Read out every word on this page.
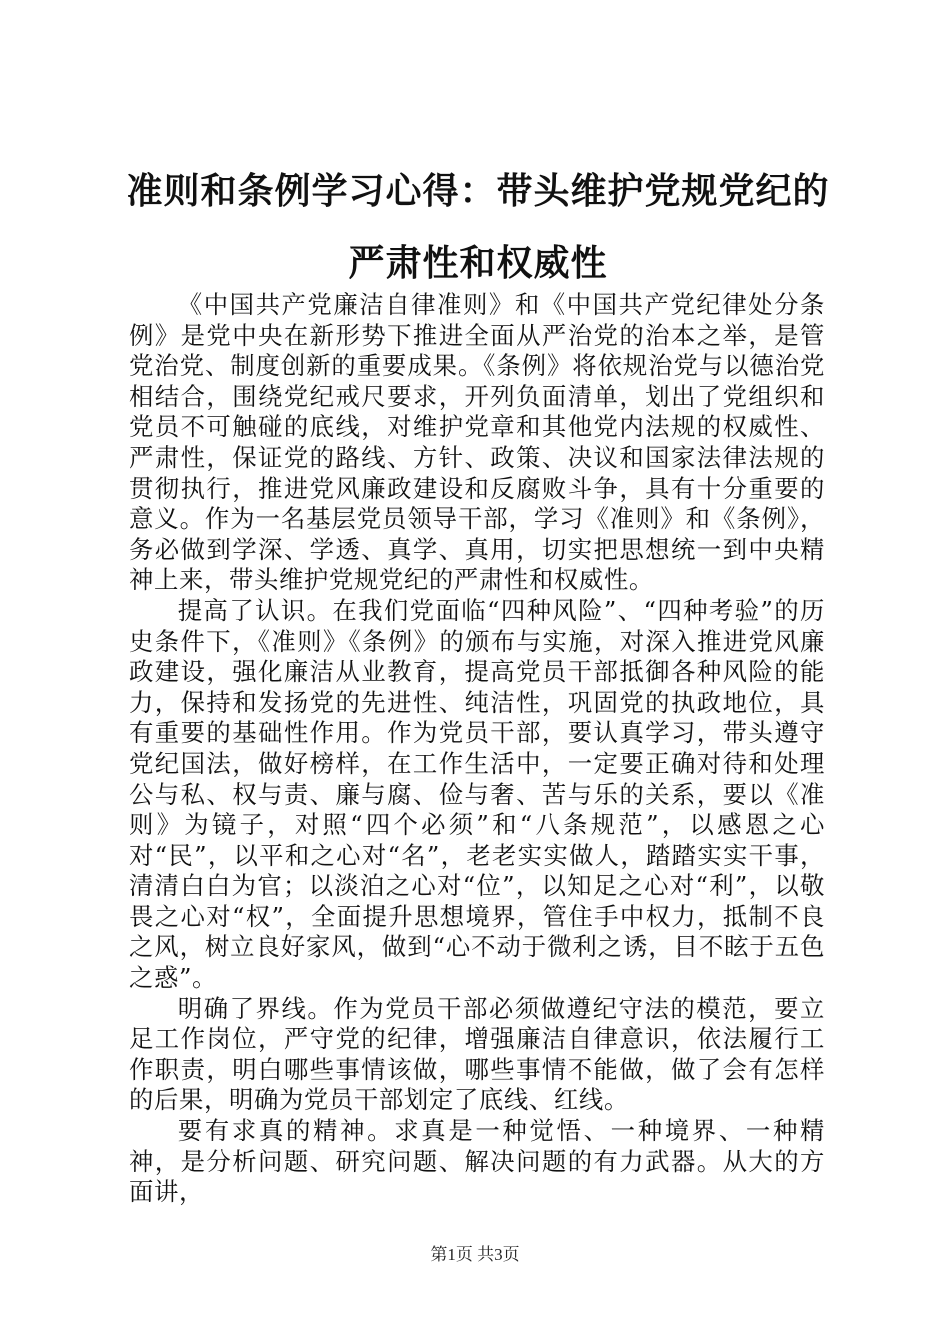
准则和条例学习心得：带头维护党规党纪的严肃性和权威性

《中国共产党廉洁自律准则》和《中国共产党纪律处分条例》是党中央在新形势下推进全面从严治党的治本之举，是管党治党、制度创新的重要成果。《条例》将依规治党与以德治党相结合，围绕党纪戒尺要求，开列负面清单，划出了党组织和党员不可触碰的底线，对维护党章和其他党内法规的权威性、严肃性，保证党的路线、方针、政策、决议和国家法律法规的贯彻执行，推进党风廉政建设和反腐败斗争，具有十分重要的意义。作为一名基层党员领导干部，学习《准则》和《条例》，务必做到学深、学透、真学、真用，切实把思想统一到中央精神上来，带头维护党规党纪的严肃性和权威性。

提高了认识。在我们党面临“四种风险”、“四种考验”的历史条件下，《准则》《条例》的颁布与实施，对深入推进党风廉政建设，强化廉洁从业教育，提高党员干部抵御各种风险的能力，保持和发扬党的先进性、纯洁性，巩固党的执政地位，具有重要的基础性作用。作为党员干部，要认真学习，带头遵守党纪国法，做好榜样，在工作生活中，一定要正确对待和处理公与私、权与责、廉与腐、俭与奢、苦与乐的关系，要以《准则》为镜子，对照“四个必须”和“八条规范”，以感恩之心对“民”，以平和之心对“名”，老老实实做人，踏踏实实干事，清清白白为官；以淡泊之心对“位”，以知足之心对“利”，以敬畏之心对“权”，全面提升思想境界，管住手中权力，抵制不良之风，树立良好家风，做到“心不动于微利之诱，目不眩于五色之惑”。

明确了界线。作为党员干部必须做遵纪守法的模范，要立足工作岗位，严守党的纪律，增强廉洁自律意识，依法履行工作职责，明白哪些事情该做，哪些事情不能做，做了会有怎样的后果，明确为党员干部划定了底线、红线。

要有求真的精神。求真是一种觉悟、一种境界、一种精神，是分析问题、研究问题、解决问题的有力武器。从大的方面讲，

第1页 共3页
